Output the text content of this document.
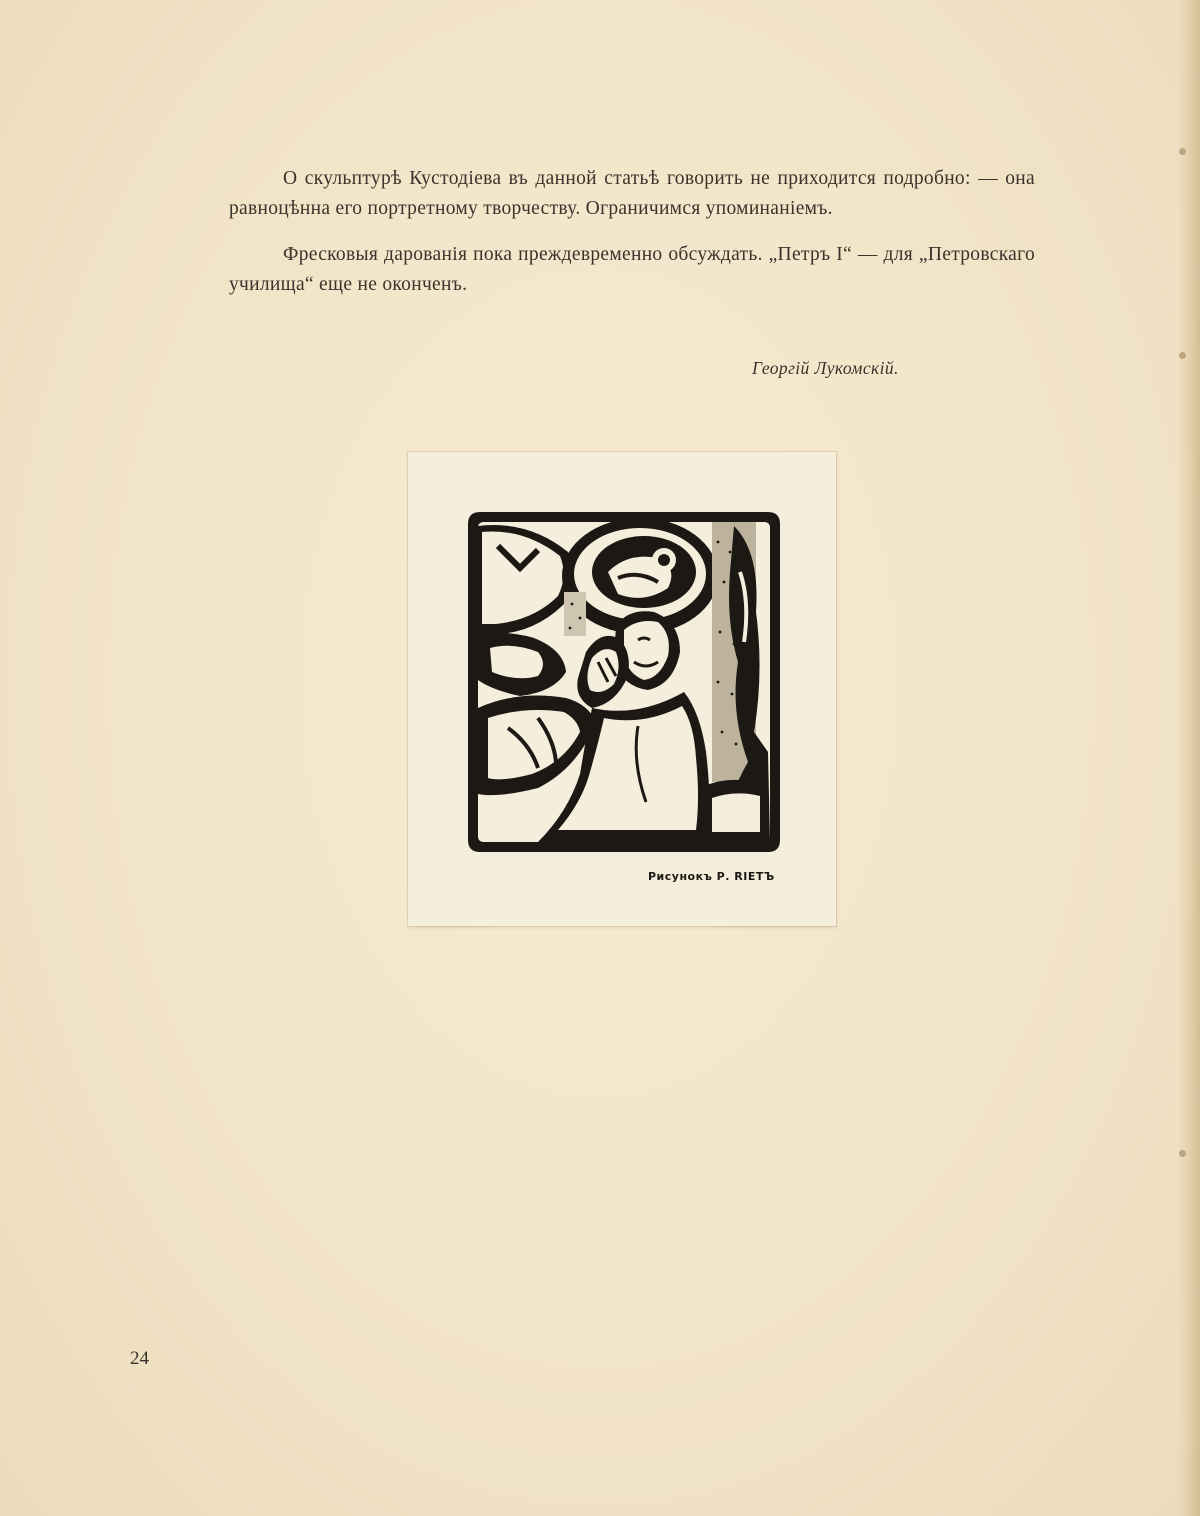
О скульптурѣ Кустодіева въ данной статьѣ говорить не приходится подробно: — она равноцѣнна его портретному творчеству. Ограничимся упоминаніемъ.

Фресковыя дарованія пока преждевременно обсуждать. „Петръ I“ — для „Петровскаго училища“ еще не оконченъ.

Георгій Лукомскій.
Рисунокъ Р. RIETЪ
24
